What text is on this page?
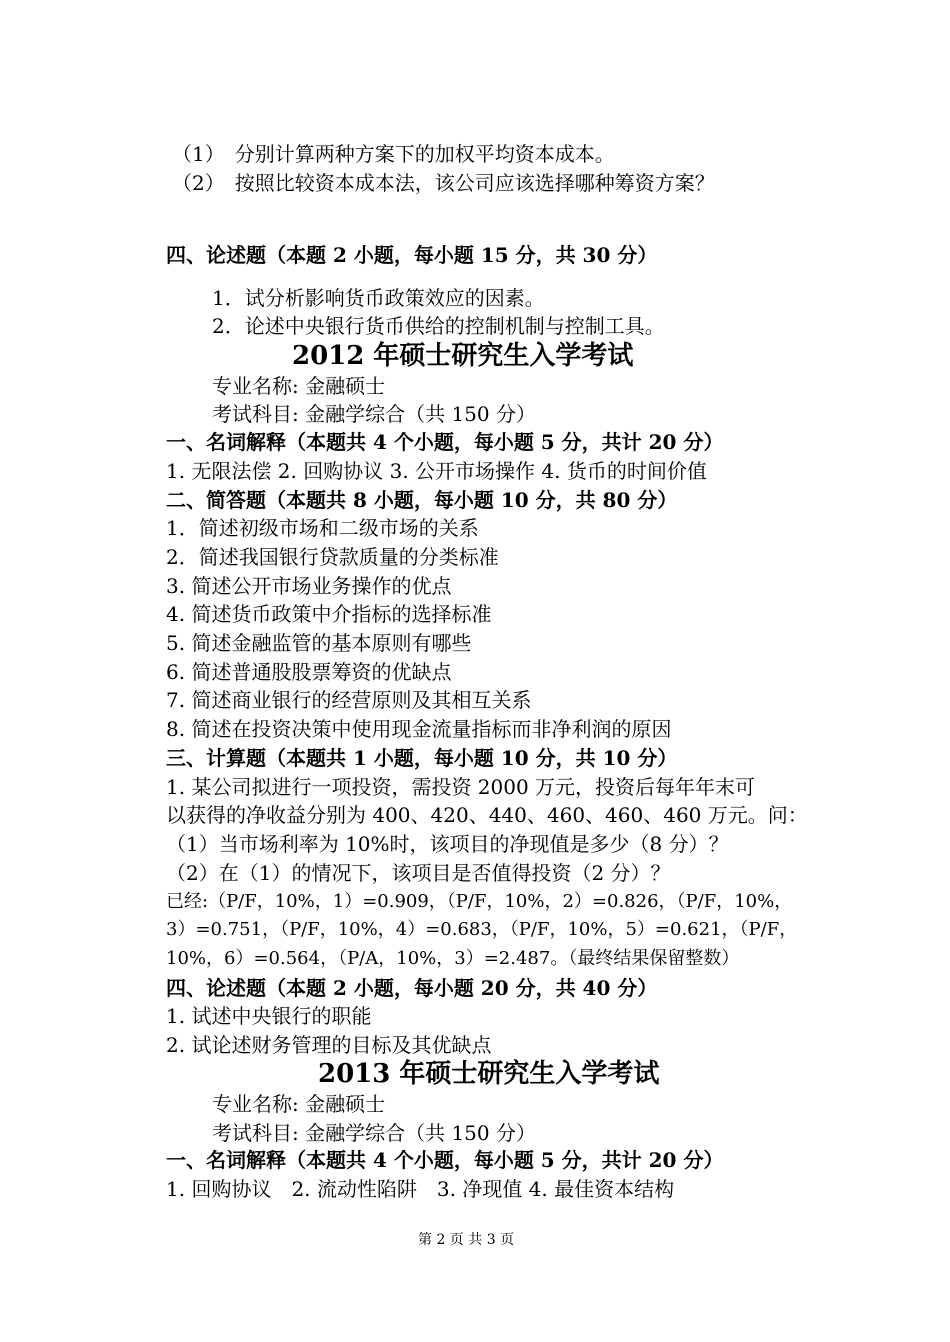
（1）　分别计算两种方案下的加权平均资本成本。
（2）　按照比较资本成本法，该公司应该选择哪种筹资方案？
四、论述题（本题 2 小题，每小题 15 分，共 30 分）
1．试分析影响货币政策效应的因素。
2．论述中央银行货币供给的控制机制与控制工具。
2012 年硕士研究生入学考试
专业名称: 金融硕士
考试科目: 金融学综合（共 150 分）
一、名词解释（本题共 4 个小题，每小题 5 分，共计 20 分）
1. 无限法偿 2. 回购协议 3. 公开市场操作 4. 货币的时间价值
二、简答题（本题共 8 小题，每小题 10 分，共 80 分）
1．简述初级市场和二级市场的关系
2．简述我国银行贷款质量的分类标准
3. 简述公开市场业务操作的优点
4. 简述货币政策中介指标的选择标准
5. 简述金融监管的基本原则有哪些
6. 简述普通股股票筹资的优缺点
7. 简述商业银行的经营原则及其相互关系
8. 简述在投资决策中使用现金流量指标而非净利润的原因
三、计算题（本题共 1 小题，每小题 10 分，共 10 分）
1. 某公司拟进行一项投资，需投资 2000 万元，投资后每年年末可
以获得的净收益分别为 400、420、440、460、460、460 万元。问：
（1）当市场利率为 10%时，该项目的净现值是多少（8 分）？
（2）在（1）的情况下，该项目是否值得投资（2 分）？
已经:（P/F，10%，1）=0.909，（P/F，10%，2）=0.826，（P/F，10%，
3）=0.751，（P/F，10%，4）=0.683，（P/F，10%，5）=0.621，（P/F，
10%，6）=0.564，（P/A，10%，3）=2.487。（最终结果保留整数）
四、论述题（本题 2 小题，每小题 20 分，共 40 分）
1. 试述中央银行的职能
2. 试论述财务管理的目标及其优缺点
2013 年硕士研究生入学考试
专业名称: 金融硕士
考试科目: 金融学综合（共 150 分）
一、名词解释（本题共 4 个小题，每小题 5 分，共计 20 分）
1. 回购协议　2. 流动性陷阱　3. 净现值 4. 最佳资本结构
第 2 页 共 3 页
